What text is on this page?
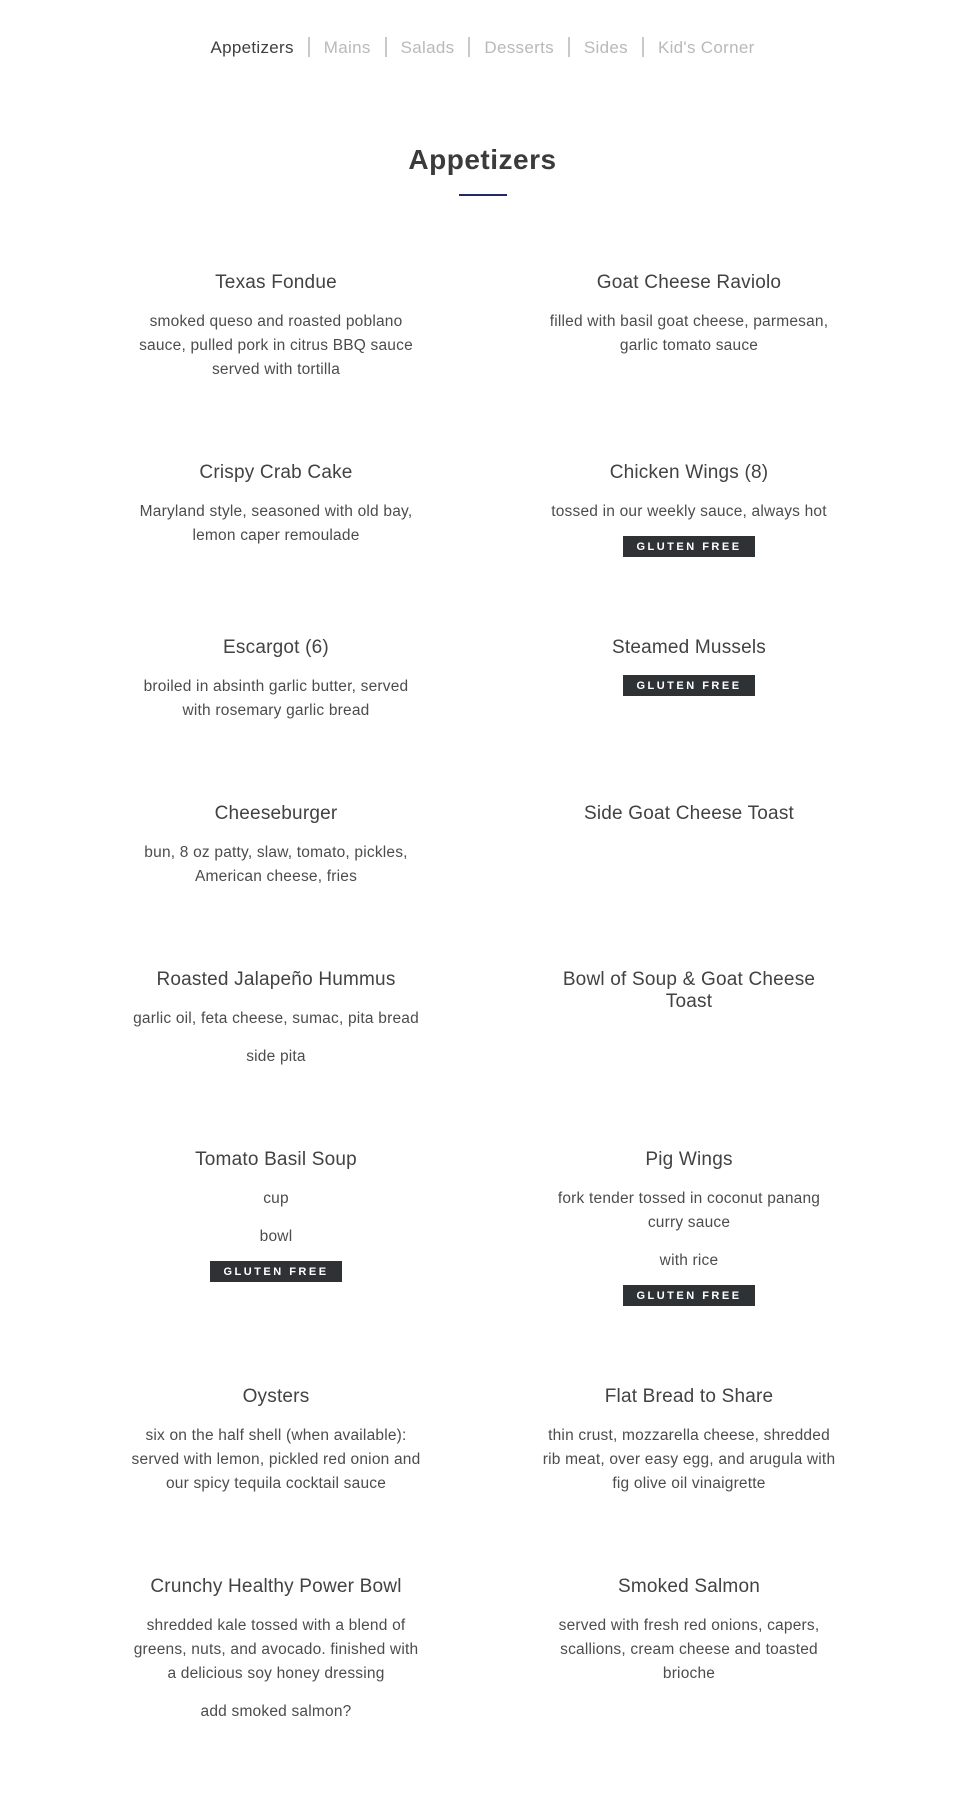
Appetizers Mains Salads Desserts Sides Kid's Corner
Appetizers
Texas Fondue

smoked queso and roasted poblano sauce, pulled pork in citrus BBQ sauce served with tortilla

Goat Cheese Raviolo

filled with basil goat cheese, parmesan, garlic tomato sauce

Crispy Crab Cake

Maryland style, seasoned with old bay, lemon caper remoulade

Chicken Wings (8)

tossed in our weekly sauce, always hot

GLUTEN FREE
Escargot (6)

broiled in absinth garlic butter, served with rosemary garlic bread

Steamed Mussels
GLUTEN FREE
Cheeseburger

bun, 8 oz patty, slaw, tomato, pickles, American cheese, fries

Side Goat Cheese Toast
Roasted Jalapeño Hummus

garlic oil, feta cheese, sumac, pita bread

side pita

Bowl of Soup & Goat Cheese Toast
Tomato Basil Soup

cup

bowl

GLUTEN FREE
Pig Wings

fork tender tossed in coconut panang curry sauce

with rice

GLUTEN FREE
Oysters

six on the half shell (when available): served with lemon, pickled red onion and our spicy tequila cocktail sauce

Flat Bread to Share

thin crust, mozzarella cheese, shredded rib meat, over easy egg, and arugula with fig olive oil vinaigrette

Crunchy Healthy Power Bowl

shredded kale tossed with a blend of greens, nuts, and avocado. finished with a delicious soy honey dressing

add smoked salmon?

Smoked Salmon

served with fresh red onions, capers, scallions, cream cheese and toasted brioche
